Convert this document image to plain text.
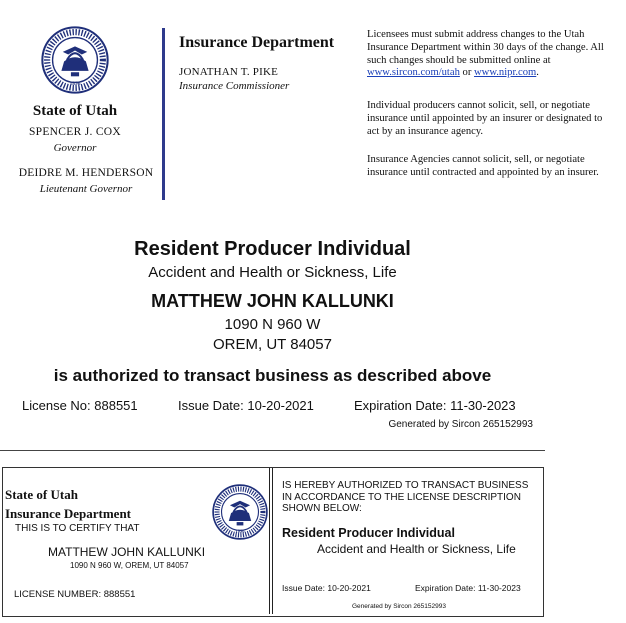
1896
State of Utah
SPENCER J. COX
Governor
DEIDRE M. HENDERSON
Lieutenant Governor
Insurance Department
JONATHAN T. PIKE
Insurance Commissioner
Licensees must submit address changes to the Utah Insurance Department within 30 days of the change. All such changes should be submitted online at www.sircon.com/utah or www.nipr.com.
Individual producers cannot solicit, sell, or negotiate insurance until appointed by an insurer or designated to act by an insurance agency.
Insurance Agencies cannot solicit, sell, or negotiate insurance until contracted and appointed by an insurer.
Resident Producer Individual
Accident and Health or Sickness, Life
MATTHEW JOHN KALLUNKI
1090 N 960 W
OREM, UT 84057
is authorized to transact business as described above
License No: 888551	Issue Date: 10-20-2021	Expiration Date: 11-30-2023
Generated by Sircon 265152993
State of Utah
Insurance Department
THIS IS TO CERTIFY THAT
MATTHEW JOHN KALLUNKI
1090 N 960 W, OREM, UT 84057
LICENSE NUMBER: 888551
1896
IS HEREBY AUTHORIZED TO TRANSACT BUSINESS IN ACCORDANCE TO THE LICENSE DESCRIPTION SHOWN BELOW:
Resident Producer Individual
Accident and Health or Sickness, Life
Issue Date: 10-20-2021	Expiration Date: 11-30-2023
Generated by Sircon 265152993
